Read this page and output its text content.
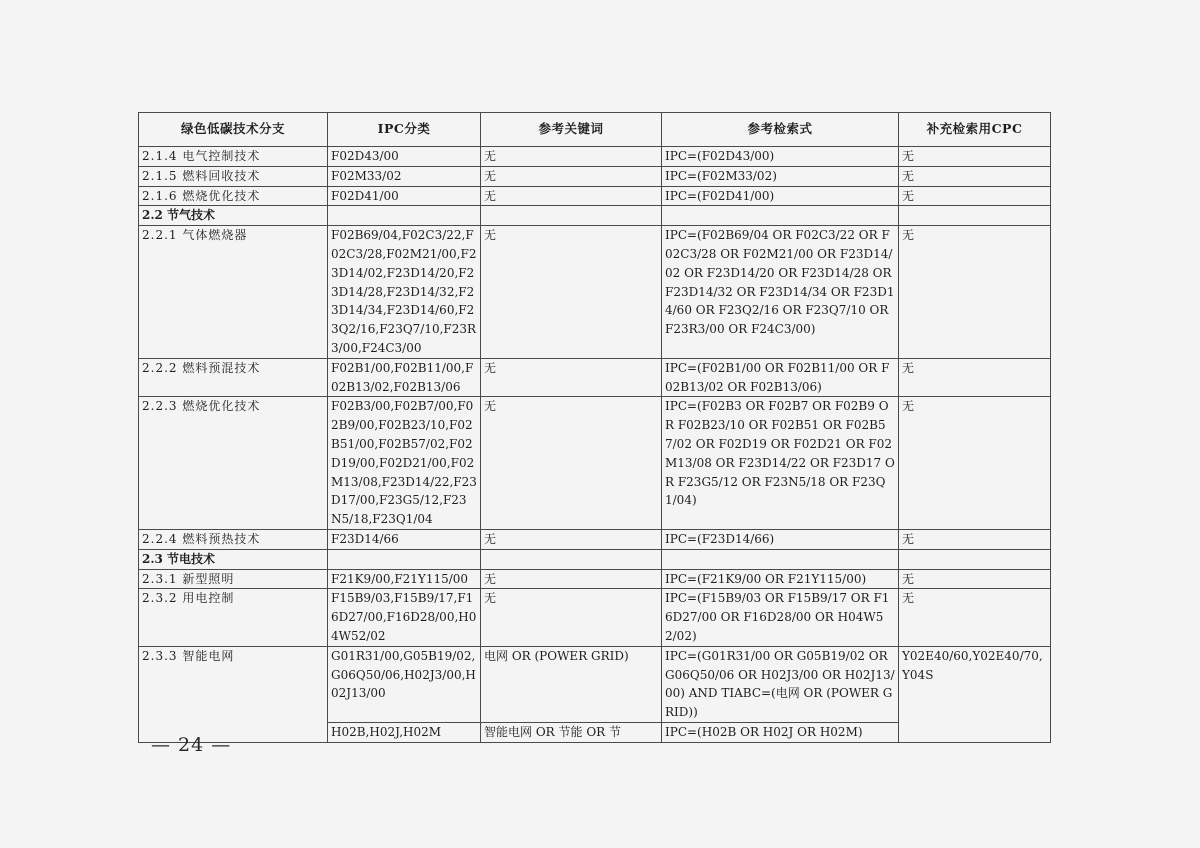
绿色低碳技术分支	IPC分类	参考关键词	参考检索式	补充检索用CPC
2.1.4 电气控制技术	F02D43/00	无	IPC=(F02D43/00)	无
2.1.5 燃料回收技术	F02M33/02	无	IPC=(F02M33/02)	无
2.1.6 燃烧优化技术	F02D41/00	无	IPC=(F02D41/00)	无
2.2 节气技术				
2.2.1 气体燃烧器	F02B69/04,F02C3/22,F02C3/28,F02M21/00,F23D14/02,F23D14/20,F23D14/28,F23D14/32,F23D14/34,F23D14/60,F23Q2/16,F23Q7/10,F23R3/00,F24C3/00	无	IPC=(F02B69/04 OR F02C3/22 OR F02C3/28 OR F02M21/00 OR F23D14/02 OR F23D14/20 OR F23D14/28 OR F23D14/32 OR F23D14/34 OR F23D14/60 OR F23Q2/16 OR F23Q7/10 OR F23R3/00 OR F24C3/00)	无
2.2.2 燃料预混技术	F02B1/00,F02B11/00,F02B13/02,F02B13/06	无	IPC=(F02B1/00 OR F02B11/00 OR F02B13/02 OR F02B13/06)	无
2.2.3 燃烧优化技术	F02B3/00,F02B7/00,F02B9/00,F02B23/10,F02B51/00,F02B57/02,F02D19/00,F02D21/00,F02M13/08,F23D14/22,F23D17/00,F23G5/12,F23N5/18,F23Q1/04	无	IPC=(F02B3 OR F02B7 OR F02B9 OR F02B23/10 OR F02B51 OR F02B57/02 OR F02D19 OR F02D21 OR F02M13/08 OR F23D14/22 OR F23D17 OR F23G5/12 OR F23N5/18 OR F23Q1/04)	无
2.2.4 燃料预热技术	F23D14/66	无	IPC=(F23D14/66)	无
2.3 节电技术				
2.3.1 新型照明	F21K9/00,F21Y115/00	无	IPC=(F21K9/00 OR F21Y115/00)	无
2.3.2 用电控制	F15B9/03,F15B9/17,F16D27/00,F16D28/00,H04W52/02	无	IPC=(F15B9/03 OR F15B9/17 OR F16D27/00 OR F16D28/00 OR H04W52/02)	无
2.3.3 智能电网	G01R31/00,G05B19/02,G06Q50/06,H02J3/00,H02J13/00	电网 OR (POWER GRID)	IPC=(G01R31/00 OR G05B19/02 OR G06Q50/06 OR H02J3/00 OR H02J13/00) AND TIABC=(电网 OR (POWER GRID))	Y02E40/60,Y02E40/70,Y04S
	H02B,H02J,H02M	智能电网 OR 节能 OR 节	IPC=(H02B OR H02J OR H02M)	
— 24 —
